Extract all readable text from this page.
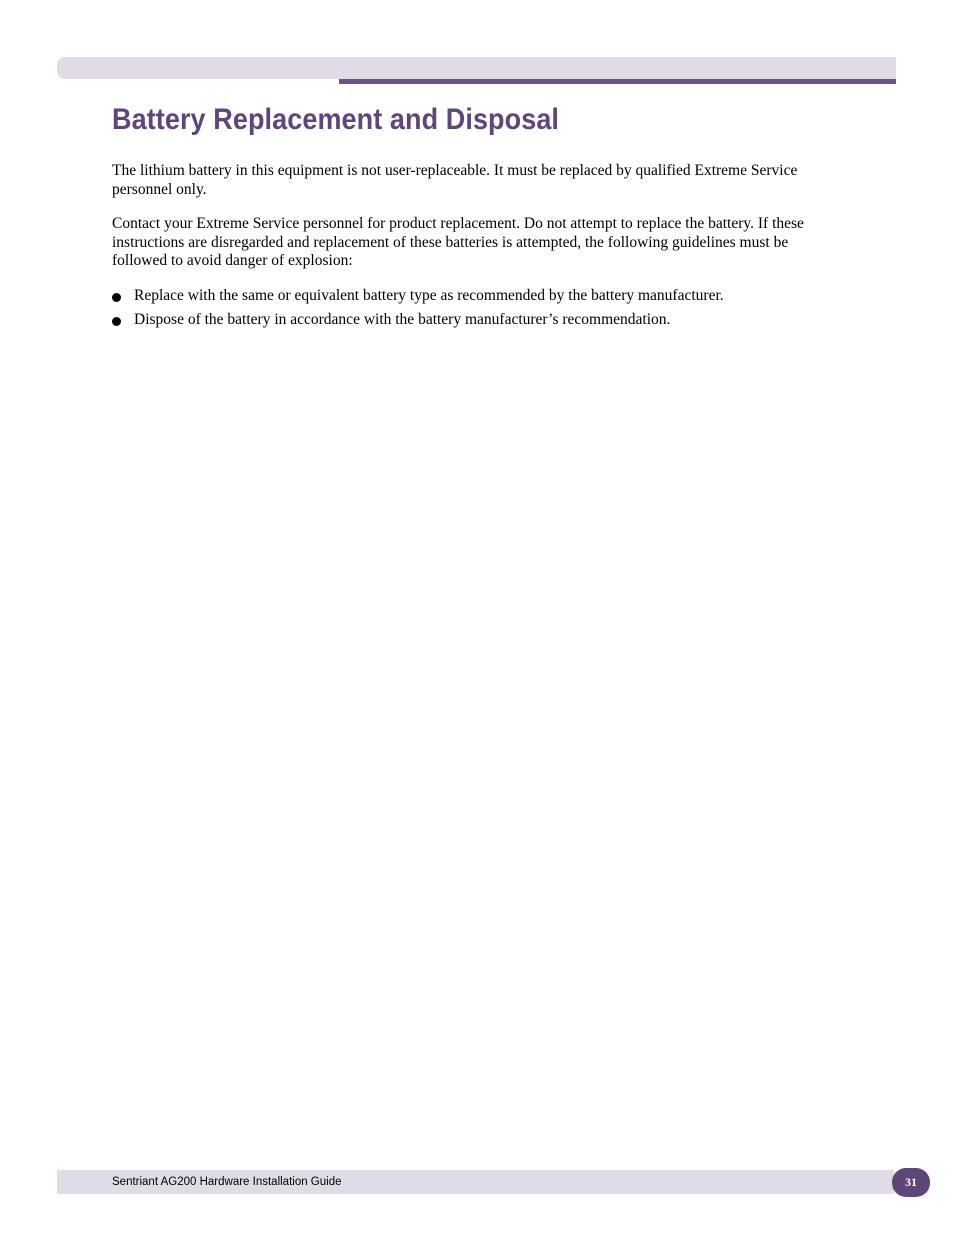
Battery Replacement and Disposal

The lithium battery in this equipment is not user-replaceable. It must be replaced by qualified Extreme Service personnel only.

Contact your Extreme Service personnel for product replacement. Do not attempt to replace the battery. If these instructions are disregarded and replacement of these batteries is attempted, the following guidelines must be followed to avoid danger of explosion:

Replace with the same or equivalent battery type as recommended by the battery manufacturer.
Dispose of the battery in accordance with the battery manufacturer’s recommendation.
Sentriant AG200 Hardware Installation Guide	31
